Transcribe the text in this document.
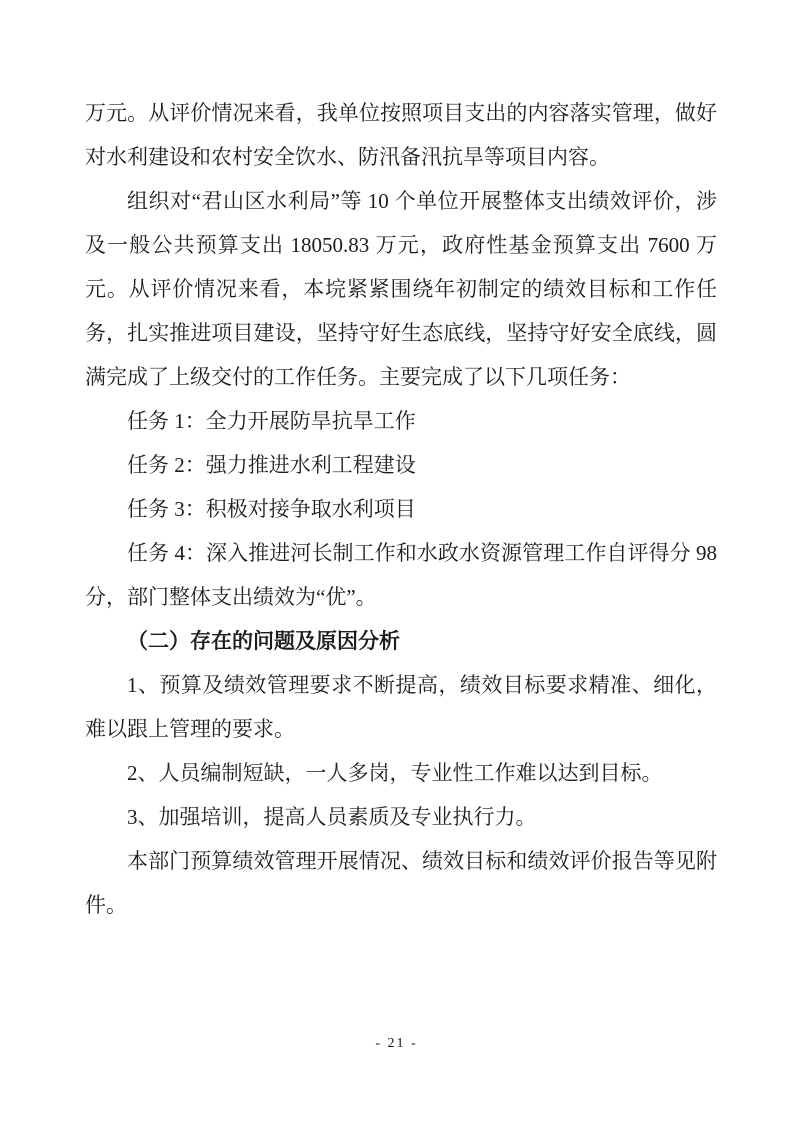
万元。从评价情况来看，我单位按照项目支出的内容落实管理，做好对水利建设和农村安全饮水、防汛备汛抗旱等项目内容。

组织对“君山区水利局”等 10 个单位开展整体支出绩效评价，涉及一般公共预算支出 18050.83 万元，政府性基金预算支出 7600 万元。从评价情况来看，本垸紧紧围绕年初制定的绩效目标和工作任务，扎实推进项目建设，坚持守好生态底线，坚持守好安全底线，圆满完成了上级交付的工作任务。主要完成了以下几项任务：

任务 1：全力开展防旱抗旱工作

任务 2：强力推进水利工程建设

任务 3：积极对接争取水利项目

任务 4：深入推进河长制工作和水政水资源管理工作自评得分 98 分，部门整体支出绩效为“优”。

（二）存在的问题及原因分析

1、预算及绩效管理要求不断提高，绩效目标要求精准、细化，难以跟上管理的要求。

2、人员编制短缺，一人多岗，专业性工作难以达到目标。

3、加强培训，提高人员素质及专业执行力。

本部门预算绩效管理开展情况、绩效目标和绩效评价报告等见附件。

- 21 -
